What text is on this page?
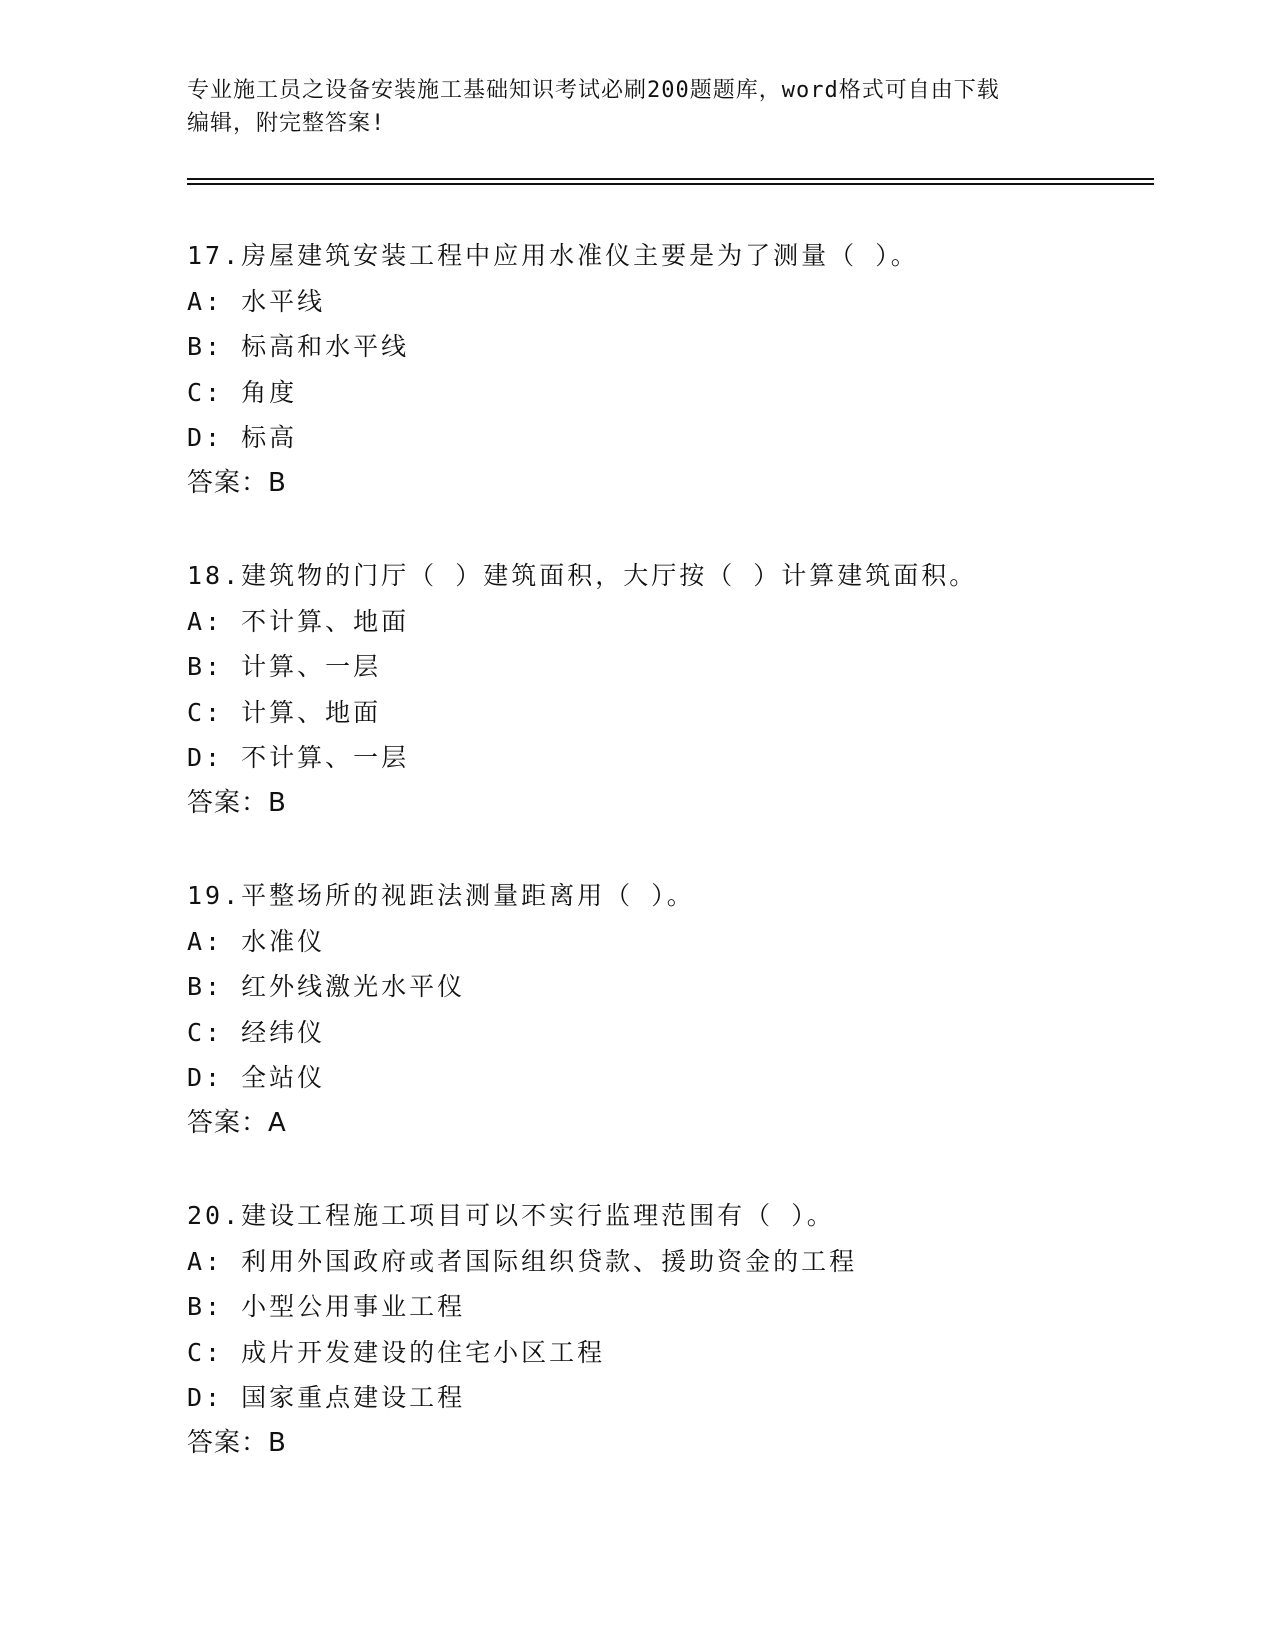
专业施工员之设备安装施工基础知识考试必刷200题题库，word格式可自由下载
编辑，附完整答案!
17.房屋建筑安装工程中应用水准仪主要是为了测量（ ）。
A: 水平线
B: 标高和水平线
C: 角度
D: 标高
答案：B
18.建筑物的门厅（ ）建筑面积，大厅按（ ）计算建筑面积。
A: 不计算、地面
B: 计算、一层
C: 计算、地面
D: 不计算、一层
答案：B
19.平整场所的视距法测量距离用（ ）。
A: 水准仪
B: 红外线激光水平仪
C: 经纬仪
D: 全站仪
答案：A
20.建设工程施工项目可以不实行监理范围有（ ）。
A: 利用外国政府或者国际组织贷款、援助资金的工程
B: 小型公用事业工程
C: 成片开发建设的住宅小区工程
D: 国家重点建设工程
答案：B
